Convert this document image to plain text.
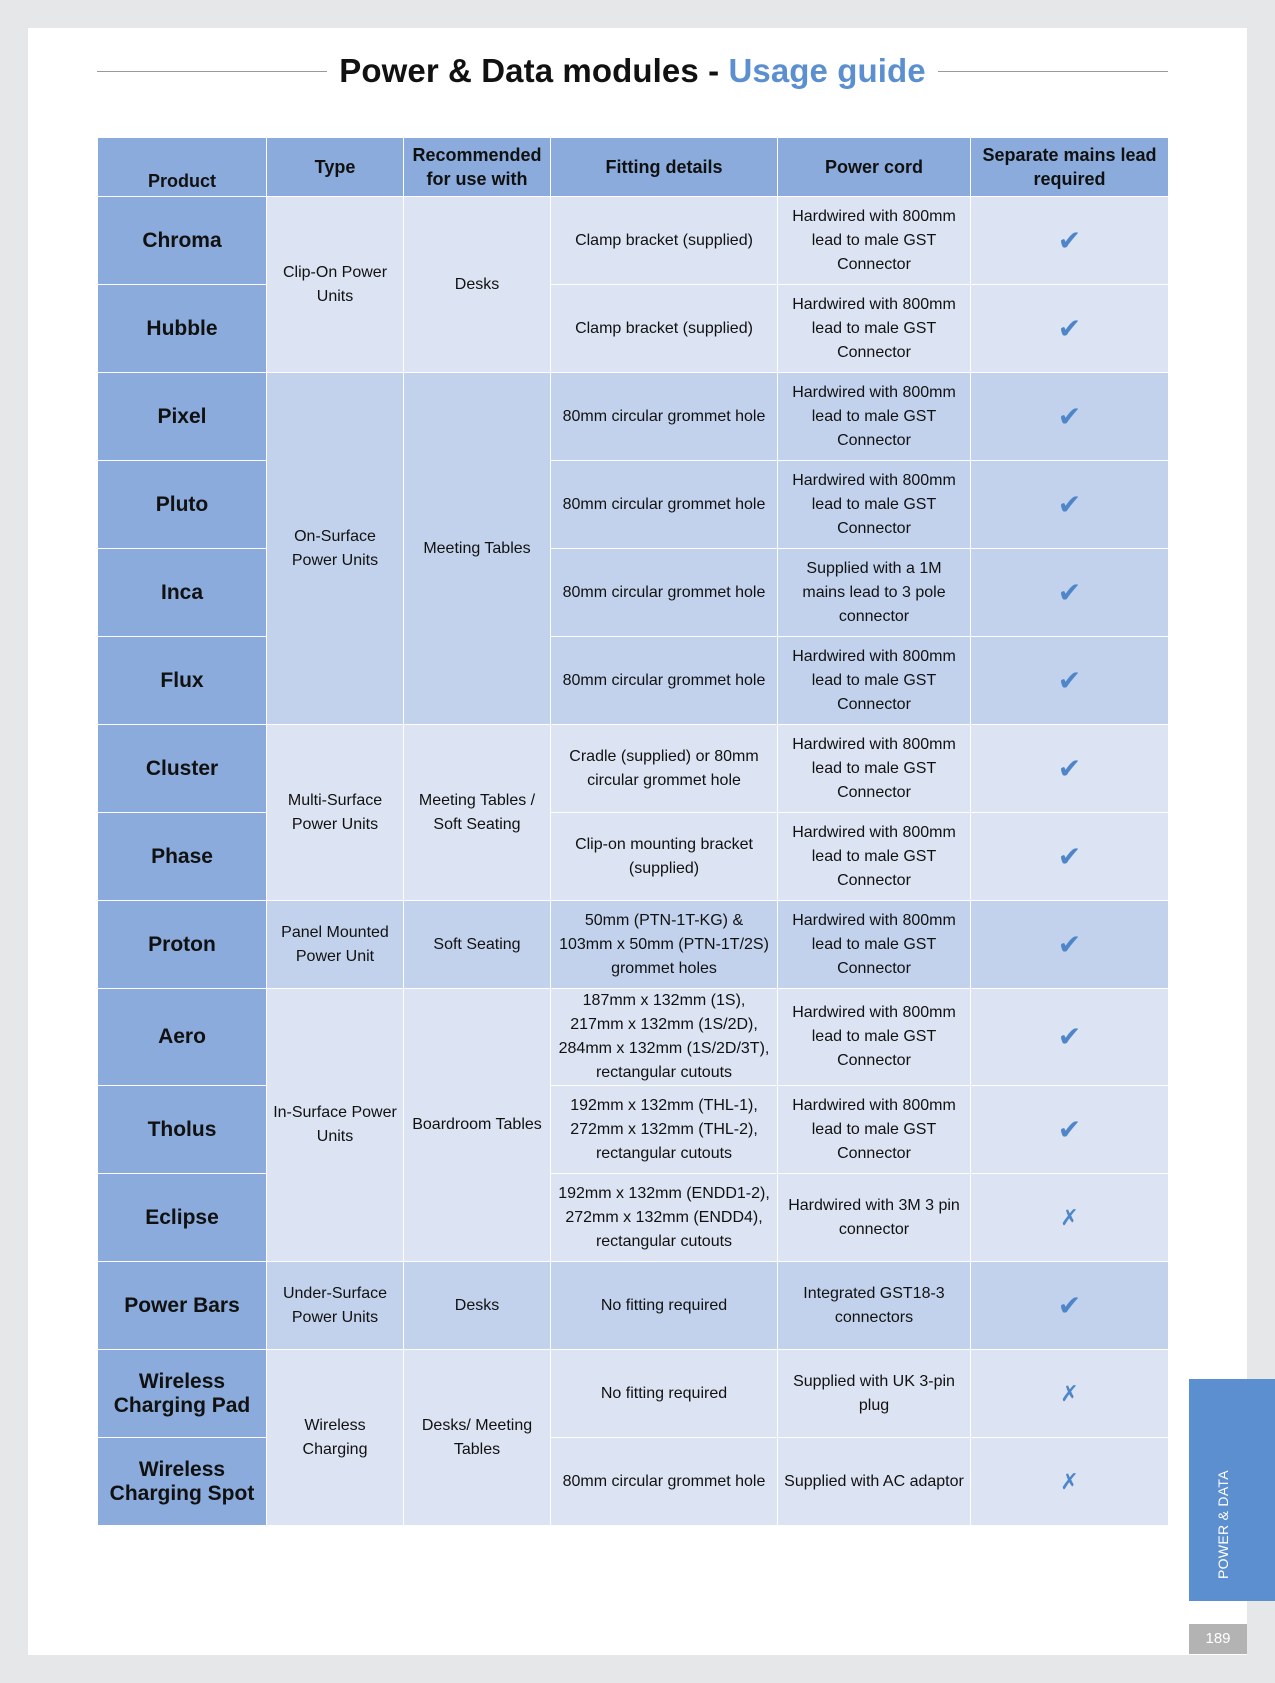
Power & Data modules - Usage guide
Product	Type	Recommended for use with	Fitting details	Power cord	Separate mains lead required
Chroma	Clip-On Power Units	Desks	Clamp bracket (supplied)	Hardwired with 800mm lead to male GST Connector	✔
Hubble			Clamp bracket (supplied)	Hardwired with 800mm lead to male GST Connector	✔
Pixel	On-Surface Power Units	Meeting Tables	80mm circular grommet hole	Hardwired with 800mm lead to male GST Connector	✔
Pluto			80mm circular grommet hole	Hardwired with 800mm lead to male GST Connector	✔
Inca			80mm circular grommet hole	Supplied with a 1M mains lead to 3 pole connector	✔
Flux			80mm circular grommet hole	Hardwired with 800mm lead to male GST Connector	✔
Cluster	Multi-Surface Power Units	Meeting Tables / Soft Seating	Cradle (supplied) or 80mm circular grommet hole	Hardwired with 800mm lead to male GST Connector	✔
Phase			Clip-on mounting bracket (supplied)	Hardwired with 800mm lead to male GST Connector	✔
Proton	Panel Mounted Power Unit	Soft Seating	50mm (PTN-1T-KG) & 103mm x 50mm (PTN-1T/2S) grommet holes	Hardwired with 800mm lead to male GST Connector	✔
Aero	In-Surface Power Units	Boardroom Tables	187mm x 132mm (1S), 217mm x 132mm (1S/2D), 284mm x 132mm (1S/2D/3T), rectangular cutouts	Hardwired with 800mm lead to male GST Connector	✔
Tholus			192mm x 132mm (THL-1), 272mm x 132mm (THL-2), rectangular cutouts	Hardwired with 800mm lead to male GST Connector	✔
Eclipse			192mm x 132mm (ENDD1-2), 272mm x 132mm (ENDD4), rectangular cutouts	Hardwired with 3M 3 pin connector	✗
Power Bars	Under-Surface Power Units	Desks	No fitting required	Integrated GST18-3 connectors	✔
Wireless Charging Pad	Wireless Charging	Desks/ Meeting Tables	No fitting required	Supplied with UK 3-pin plug	✗
Wireless Charging Spot			80mm circular grommet hole	Supplied with AC adaptor	✗	POWER & DATA
189
